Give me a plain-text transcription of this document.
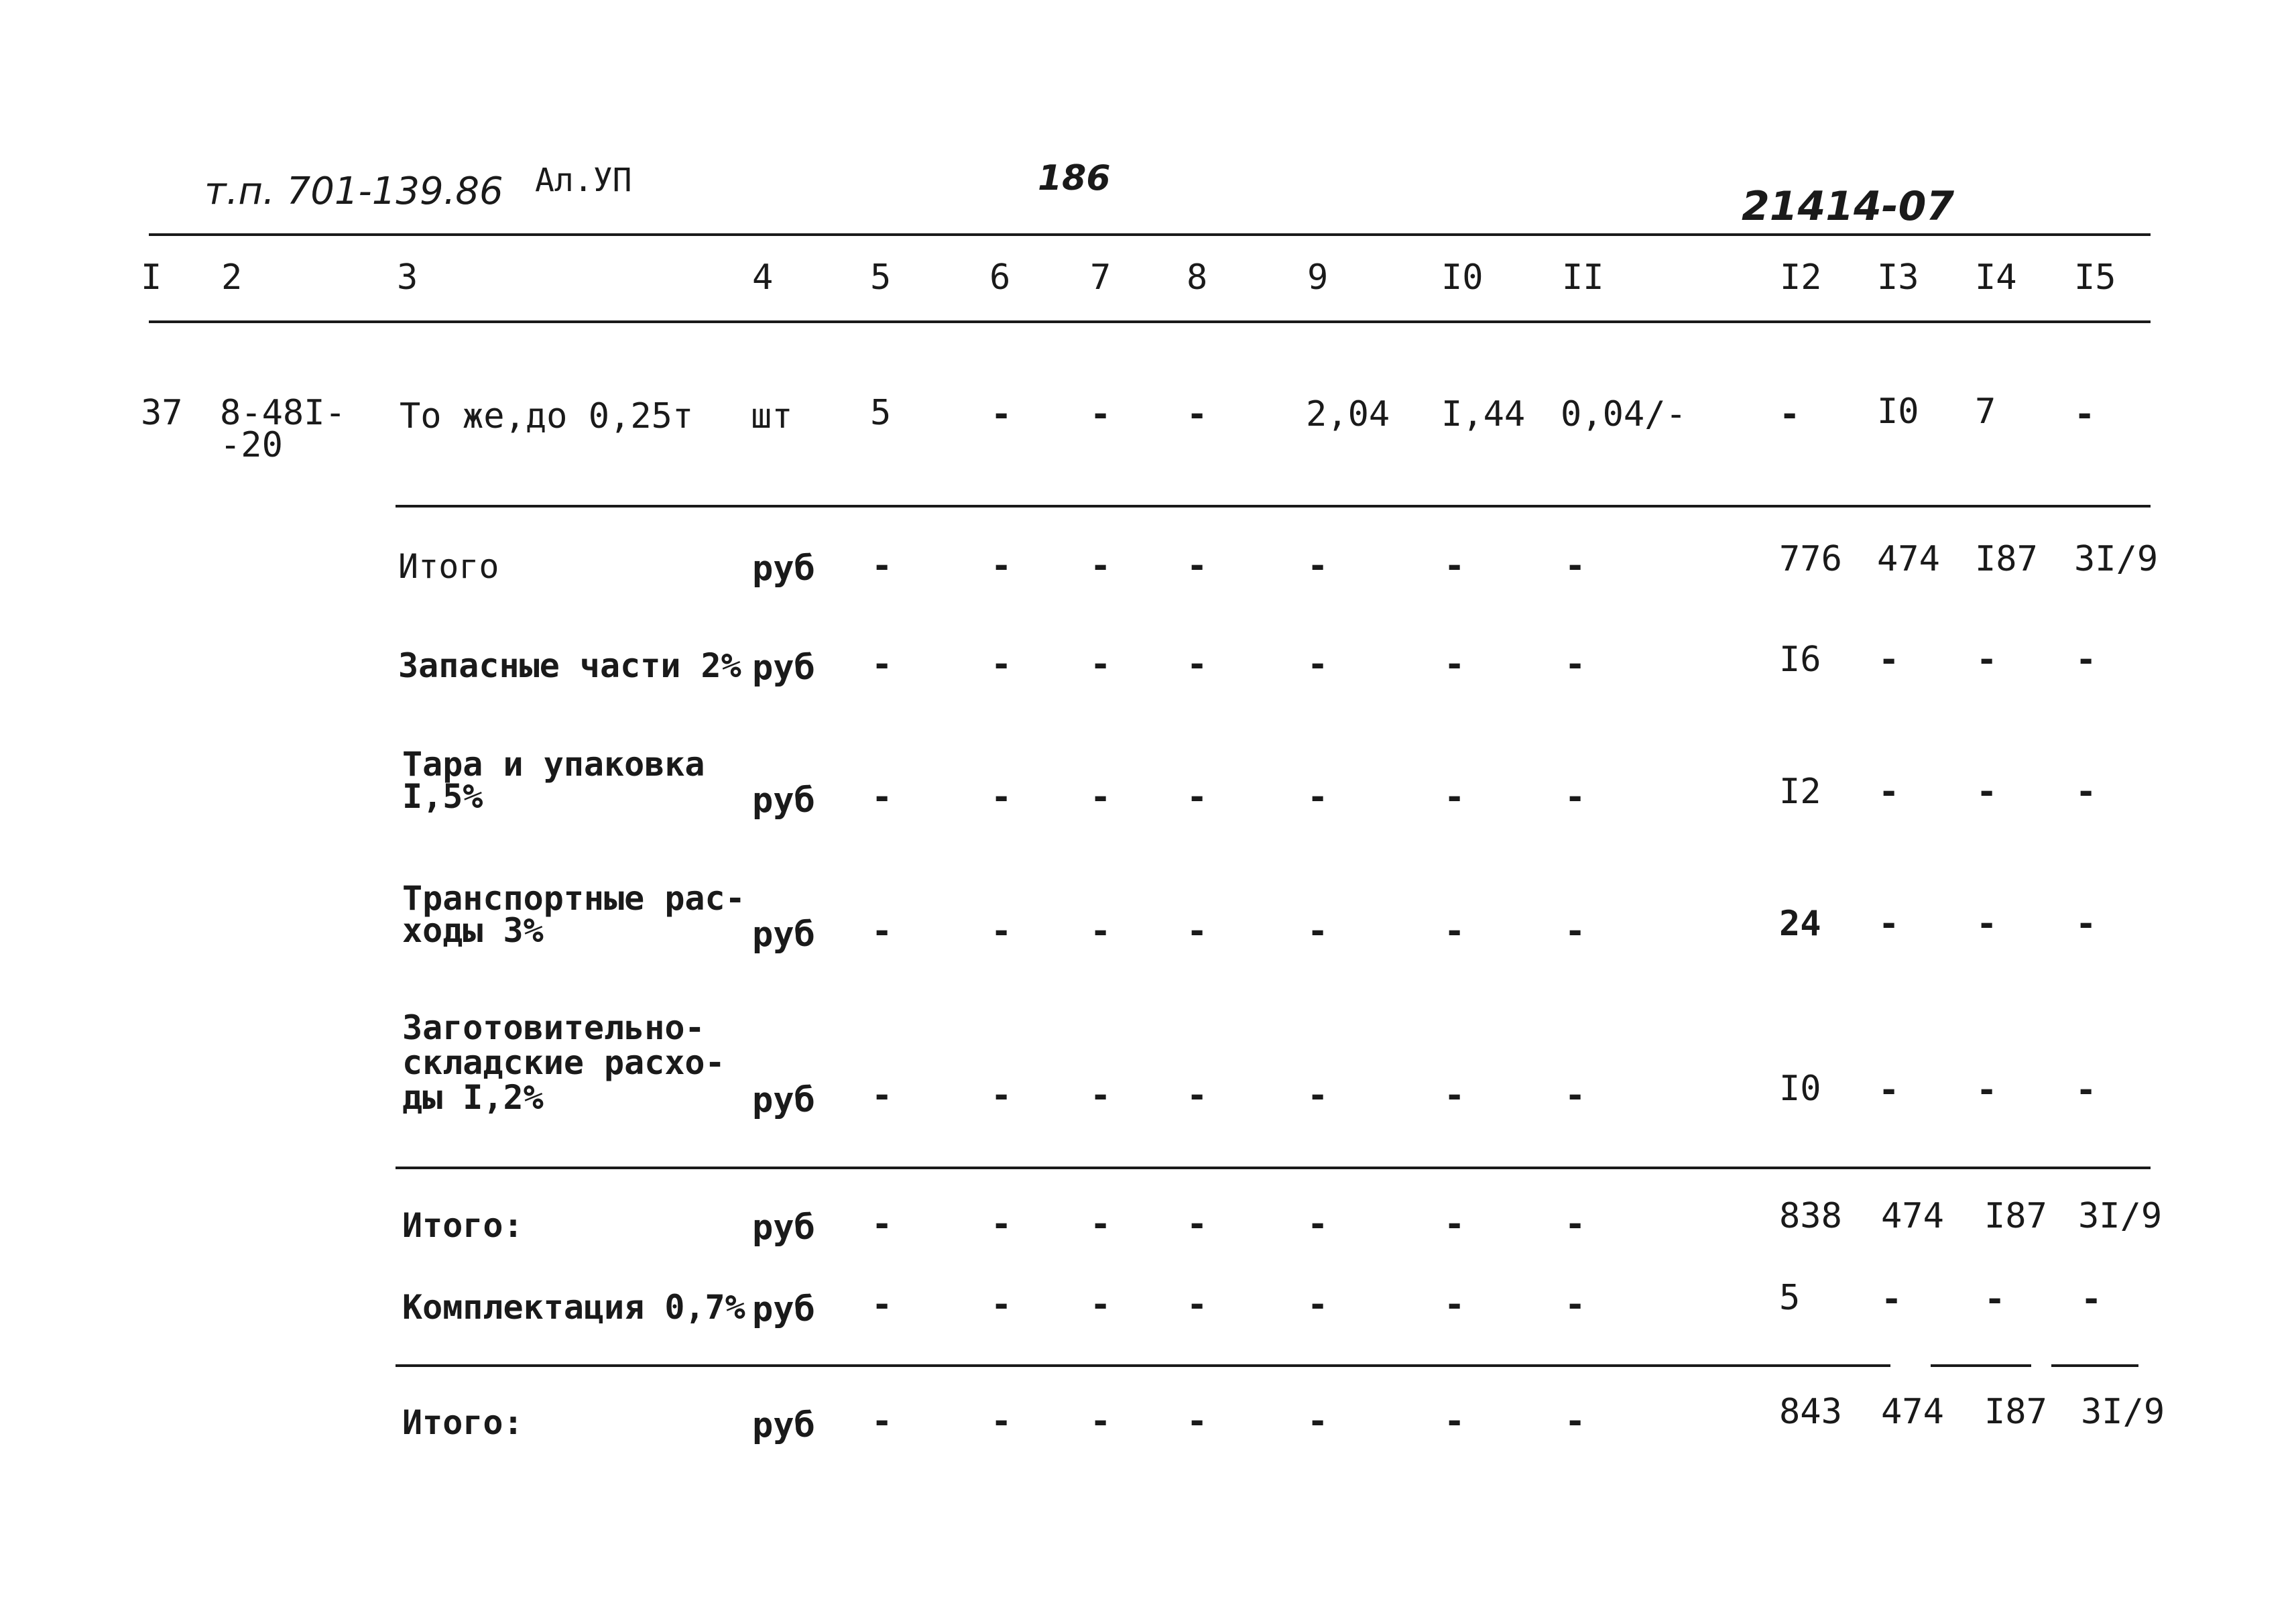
т.п. 701-139.86 Ал.УП	186
21414-07
I 2	3	4	5	6 7 8	9	I0 II	I2 I3 I4 I5
37 8-48I-
-20
То же,до 0,25т шт 5	- - -	2,04 I,44 0,04/-	- I0 7 -
Итого	руб -	- - -	-	-	-	776 474 I87 3I/9
Запасные части 2% руб -	- - -	-	-	-	I6 - - -
Тара и упаковка
I,5%	руб -	- - -	-	-	-	I2 - - -
Транспортные рас-
ходы 3%	руб -	- - -	-	-	-	24 - - -
Заготовительно-
складские расхо-
ды I,2%	руб -	- - -	-	-	-	I0 - - -
Итого:	руб -	- - -	-	-	-	838 474 I87 3I/9
Комплектация 0,7% руб -	- - -	-	-	-	5 - - -
Итого:	руб -	- - -	-	-	-	843 474 I87 3I/9
